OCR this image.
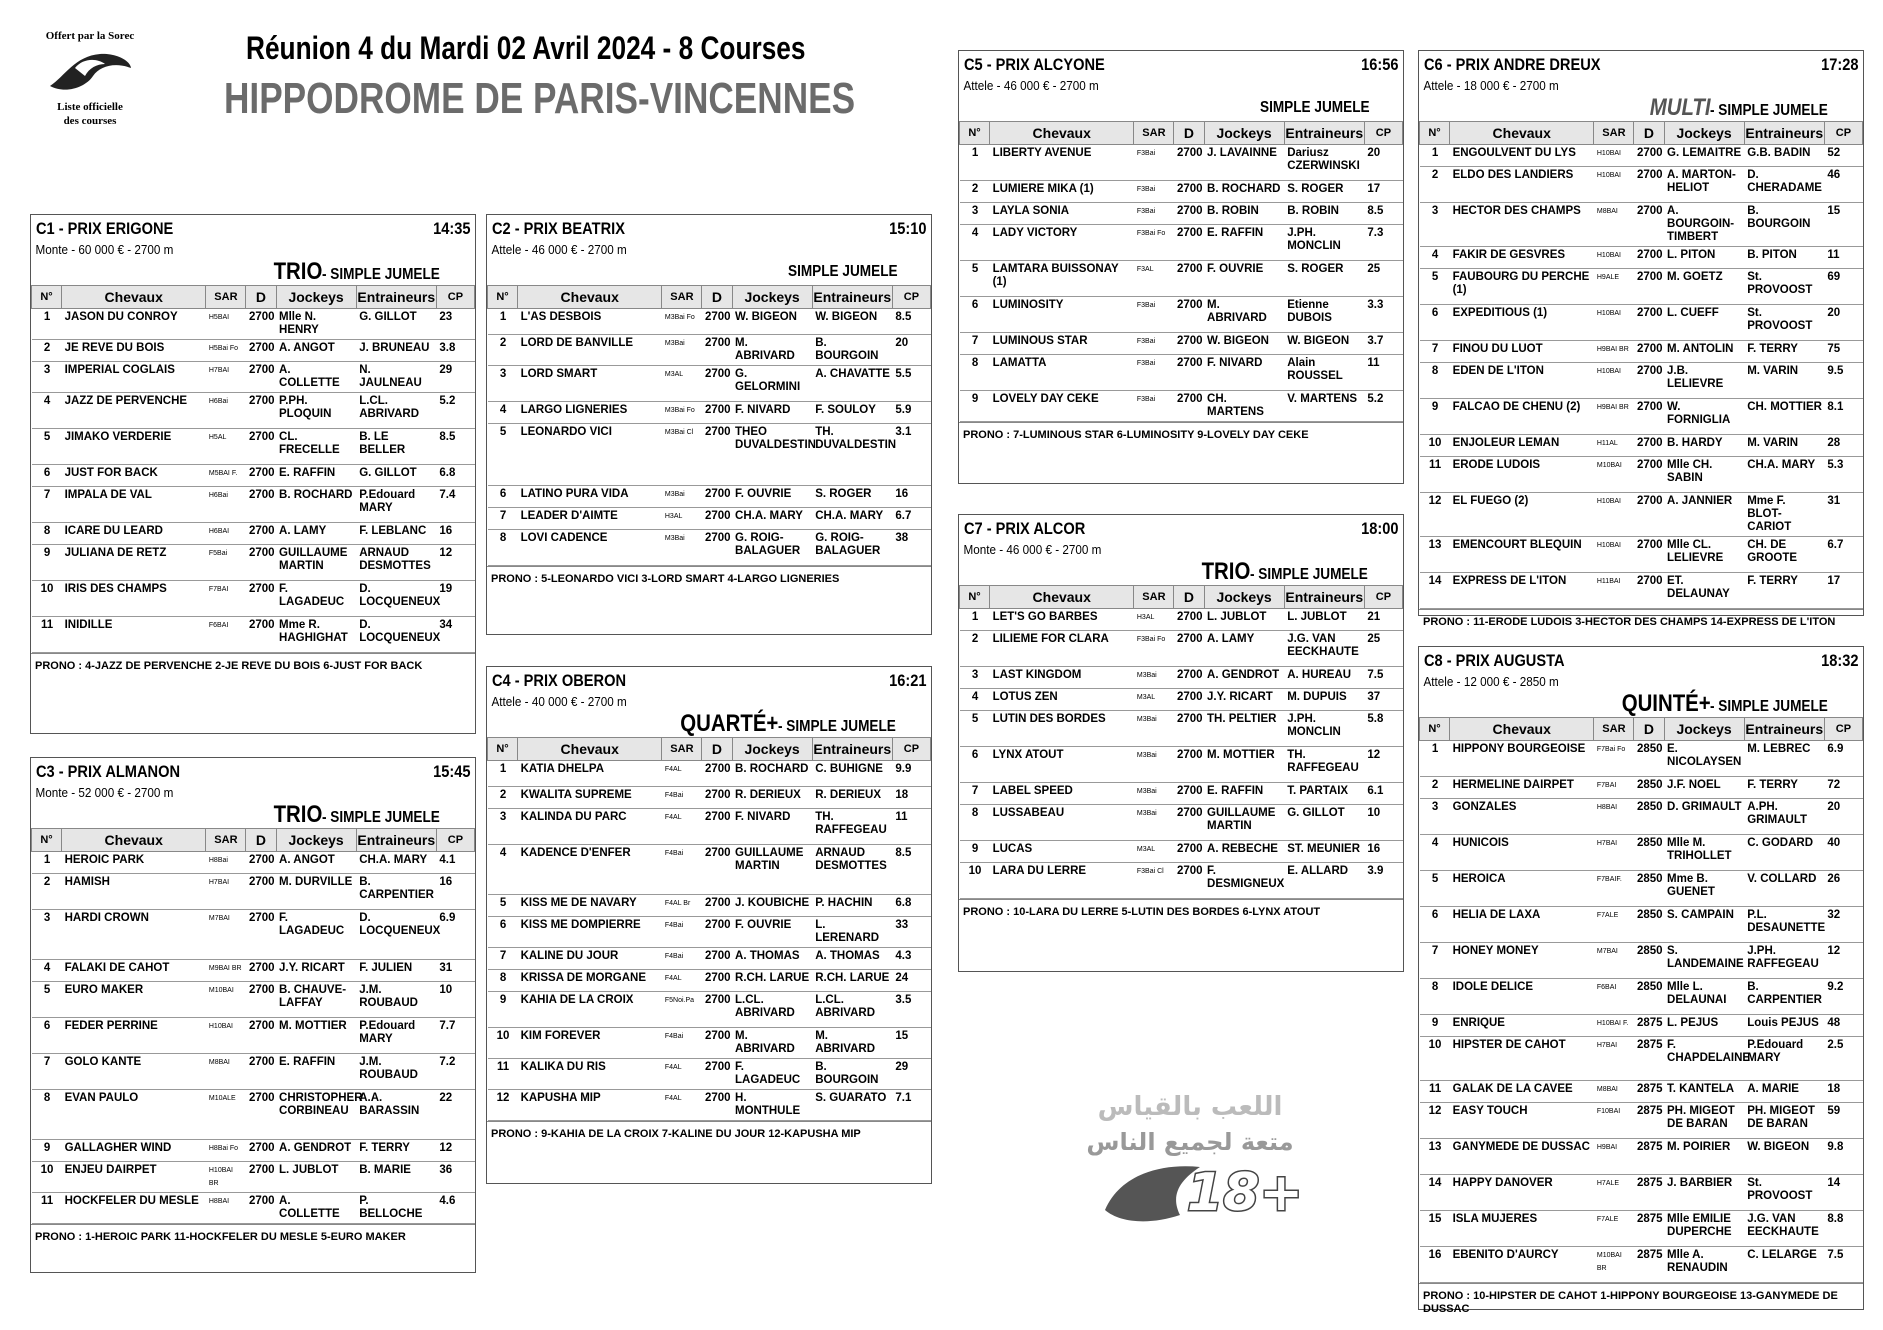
Offert par la Sorec
Liste officielle
des courses
Réunion 4 du Mardi 02 Avril 2024 - 8 Courses
HIPPODROME DE PARIS-VINCENNES
C1 - PRIX ERIGONE	14:35
Monte - 60 000 € - 2700 m
TRIO- SIMPLE JUMELE
N°	Chevaux	SAR	D	Jockeys	Entraineurs	CP
1	JASON DU CONROY	H5BAI	2700	Mlle N. HENRY	G. GILLOT	23
2	JE REVE DU BOIS	H5Bai Fo	2700	A. ANGOT	J. BRUNEAU	3.8
3	IMPERIAL COGLAIS	H7BAI	2700	A. COLLETTE	N. JAULNEAU	29
4	JAZZ DE PERVENCHE	H6Bai	2700	P.PH. PLOQUIN	L.CL. ABRIVARD	5.2
5	JIMAKO VERDERIE	H5AL	2700	CL. FRECELLE	B. LE BELLER	8.5
6	JUST FOR BACK	M5BAI F.	2700	E. RAFFIN	G. GILLOT	6.8
7	IMPALA DE VAL	H6Bai	2700	B. ROCHARD	P.Edouard MARY	7.4
8	ICARE DU LEARD	H6BAI	2700	A. LAMY	F. LEBLANC	16
9	JULIANA DE RETZ	F5Bai	2700	GUILLAUME MARTIN	ARNAUD DESMOTTES	12
10	IRIS DES CHAMPS	F7BAI	2700	F. LAGADEUC	D. LOCQUENEUX	19
11	INIDILLE	F6BAI	2700	Mme R. HAGHIGHAT	D. LOCQUENEUX	34
PRONO : 4-JAZZ DE PERVENCHE 2-JE REVE DU BOIS 6-JUST FOR BACK
C2 - PRIX BEATRIX	15:10
Attele - 46 000 € - 2700 m
SIMPLE JUMELE
N°	Chevaux	SAR	D	Jockeys	Entraineurs	CP
1	L'AS DESBOIS	M3Bai Fo	2700	W. BIGEON	W. BIGEON	8.5
2	LORD DE BANVILLE	M3Bai	2700	M. ABRIVARD	B. BOURGOIN	20
3	LORD SMART	M3AL	2700	G. GELORMINI	A. CHAVATTE	5.5
4	LARGO LIGNERIES	M3Bai Fo	2700	F. NIVARD	F. SOULOY	5.9
5	LEONARDO VICI	M3Bai Cl	2700	THEO DUVALDESTIN	TH. DUVALDESTIN	3.1
6	LATINO PURA VIDA	M3Bai	2700	F. OUVRIE	S. ROGER	16
7	LEADER D'AIMTE	H3AL	2700	CH.A. MARY	CH.A. MARY	6.7
8	LOVI CADENCE	M3Bai	2700	G. ROIG-BALAGUER	G. ROIG-BALAGUER	38
PRONO : 5-LEONARDO VICI 3-LORD SMART 4-LARGO LIGNERIES
C3 - PRIX ALMANON	15:45
Monte - 52 000 € - 2700 m
TRIO- SIMPLE JUMELE
N°	Chevaux	SAR	D	Jockeys	Entraineurs	CP
1	HEROIC PARK	H8Bai	2700	A. ANGOT	CH.A. MARY	4.1
2	HAMISH	H7BAI	2700	M. DURVILLE	B. CARPENTIER	16
3	HARDI CROWN	M7BAI	2700	F. LAGADEUC	D. LOCQUENEUX	6.9
4	FALAKI DE CAHOT	M9BAI BR	2700	J.Y. RICART	F. JULIEN	31
5	EURO MAKER	M10BAI	2700	B. CHAUVE-LAFFAY	J.M. ROUBAUD	10
6	FEDER PERRINE	H10BAI	2700	M. MOTTIER	P.Edouard MARY	7.7
7	GOLO KANTE	M8BAI	2700	E. RAFFIN	J.M. ROUBAUD	7.2
8	EVAN PAULO	M10ALE	2700	CHRISTOPHER CORBINEAU	A.A. BARASSIN	22
9	GALLAGHER WIND	H8Bai Fo	2700	A. GENDROT	F. TERRY	12
10	ENJEU DAIRPET	H10BAI BR	2700	L. JUBLOT	B. MARIE	36
11	HOCKFELER DU MESLE	H8BAI	2700	A. COLLETTE	P. BELLOCHE	4.6
PRONO : 1-HEROIC PARK 11-HOCKFELER DU MESLE 5-EURO MAKER
C4 - PRIX OBERON	16:21
Attele - 40 000 € - 2700 m
QUARTÉ+- SIMPLE JUMELE
N°	Chevaux	SAR	D	Jockeys	Entraineurs	CP
1	KATIA DHELPA	F4AL	2700	B. ROCHARD	C. BUHIGNE	9.9
2	KWALITA SUPREME	F4Bai	2700	R. DERIEUX	R. DERIEUX	18
3	KALINDA DU PARC	F4AL	2700	F. NIVARD	TH. RAFFEGEAU	11
4	KADENCE D'ENFER	F4Bai	2700	GUILLAUME MARTIN	ARNAUD DESMOTTES	8.5
5	KISS ME DE NAVARY	F4AL Br	2700	J. KOUBICHE	P. HACHIN	6.8
6	KISS ME DOMPIERRE	F4Bai	2700	F. OUVRIE	L. LERENARD	33
7	KALINE DU JOUR	F4Bai	2700	A. THOMAS	A. THOMAS	4.3
8	KRISSA DE MORGANE	F4AL	2700	R.CH. LARUE	R.CH. LARUE	24
9	KAHIA DE LA CROIX	F5Noi.Pa	2700	L.CL. ABRIVARD	L.CL. ABRIVARD	3.5
10	KIM FOREVER	F4Bai	2700	M. ABRIVARD	M. ABRIVARD	15
11	KALIKA DU RIS	F4AL	2700	F. LAGADEUC	B. BOURGOIN	29
12	KAPUSHA MIP	F4AL	2700	H. MONTHULE	S. GUARATO	7.1
PRONO : 9-KAHIA DE LA CROIX 7-KALINE DU JOUR 12-KAPUSHA MIP
C5 - PRIX ALCYONE	16:56
Attele - 46 000 € - 2700 m
SIMPLE JUMELE
N°	Chevaux	SAR	D	Jockeys	Entraineurs	CP
1	LIBERTY AVENUE	F3Bai	2700	J. LAVAINNE	Dariusz CZERWINSKI	20
2	LUMIERE MIKA (1)	F3Bai	2700	B. ROCHARD	S. ROGER	17
3	LAYLA SONIA	F3Bai	2700	B. ROBIN	B. ROBIN	8.5
4	LADY VICTORY	F3Bai Fo	2700	E. RAFFIN	J.PH. MONCLIN	7.3
5	LAMTARA BUISSONAY (1)	F3AL	2700	F. OUVRIE	S. ROGER	25
6	LUMINOSITY	F3Bai	2700	M. ABRIVARD	Etienne DUBOIS	3.3
7	LUMINOUS STAR	F3Bai	2700	W. BIGEON	W. BIGEON	3.7
8	LAMATTA	F3Bai	2700	F. NIVARD	Alain ROUSSEL	11
9	LOVELY DAY CEKE	F3Bai	2700	CH. MARTENS	V. MARTENS	5.2
PRONO : 7-LUMINOUS STAR 6-LUMINOSITY 9-LOVELY DAY CEKE
C7 - PRIX ALCOR	18:00
Monte - 46 000 € - 2700 m
TRIO- SIMPLE JUMELE
N°	Chevaux	SAR	D	Jockeys	Entraineurs	CP
1	LET'S GO BARBES	H3AL	2700	L. JUBLOT	L. JUBLOT	21
2	LILIEME FOR CLARA	F3Bai Fo	2700	A. LAMY	J.G. VAN EECKHAUTE	25
3	LAST KINGDOM	M3Bai	2700	A. GENDROT	A. HUREAU	7.5
4	LOTUS ZEN	M3AL	2700	J.Y. RICART	M. DUPUIS	37
5	LUTIN DES BORDES	M3Bai	2700	TH. PELTIER	J.PH. MONCLIN	5.8
6	LYNX ATOUT	M3Bai	2700	M. MOTTIER	TH. RAFFEGEAU	12
7	LABEL SPEED	M3Bai	2700	E. RAFFIN	T. PARTAIX	6.1
8	LUSSABEAU	M3Bai	2700	GUILLAUME MARTIN	G. GILLOT	10
9	LUCAS	M3AL	2700	A. REBECHE	ST. MEUNIER	16
10	LARA DU LERRE	F3Bai Cl	2700	F. DESMIGNEUX	E. ALLARD	3.9
PRONO : 10-LARA DU LERRE 5-LUTIN DES BORDES 6-LYNX ATOUT
C6 - PRIX ANDRE DREUX	17:28
Attele - 18 000 € - 2700 m
MULTI- SIMPLE JUMELE
N°	Chevaux	SAR	D	Jockeys	Entraineurs	CP
1	ENGOULVENT DU LYS	H10BAI	2700	G. LEMAITRE	G.B. BADIN	52
2	ELDO DES LANDIERS	H10BAI	2700	A. MARTON-HELIOT	D. CHERADAME	46
3	HECTOR DES CHAMPS	M8BAI	2700	A. BOURGOIN-TIMBERT	B. BOURGOIN	15
4	FAKIR DE GESVRES	H10BAI	2700	L. PITON	B. PITON	11
5	FAUBOURG DU PERCHE (1)	H9ALE	2700	M. GOETZ	St. PROVOOST	69
6	EXPEDITIOUS (1)	H10BAI	2700	L. CUEFF	St. PROVOOST	20
7	FINOU DU LUOT	H9BAI BR	2700	M. ANTOLIN	F. TERRY	75
8	EDEN DE L'ITON	H10BAI	2700	J.B. LELIEVRE	M. VARIN	9.5
9	FALCAO DE CHENU (2)	H9BAI BR	2700	W. FORNIGLIA	CH. MOTTIER	8.1
10	ENJOLEUR LEMAN	H11AL	2700	B. HARDY	M. VARIN	28
11	ERODE LUDOIS	M10BAI	2700	Mlle CH. SABIN	CH.A. MARY	5.3
12	EL FUEGO (2)	H10BAI	2700	A. JANNIER	Mme F. BLOT-CARIOT	31
13	EMENCOURT BLEQUIN	H10BAI	2700	Mlle CL. LELIEVRE	CH. DE GROOTE	6.7
14	EXPRESS DE L'ITON	H11BAI	2700	ET. DELAUNAY	F. TERRY	17
PRONO : 11-ERODE LUDOIS 3-HECTOR DES CHAMPS 14-EXPRESS DE L'ITON
C8 - PRIX AUGUSTA	18:32
Attele - 12 000 € - 2850 m
QUINTÉ+- SIMPLE JUMELE
N°	Chevaux	SAR	D	Jockeys	Entraineurs	CP
1	HIPPONY BOURGEOISE	F7Bai Fo	2850	E. NICOLAYSEN	M. LEBREC	6.9
2	HERMELINE DAIRPET	F7BAI	2850	J.F. NOEL	F. TERRY	72
3	GONZALES	H8BAI	2850	D. GRIMAULT	A.PH. GRIMAULT	20
4	HUNICOIS	H7BAI	2850	Mlle M. TRIHOLLET	C. GODARD	40
5	HEROICA	F7BAIF.	2850	Mme B. GUENET	V. COLLARD	26
6	HELIA DE LAXA	F7ALE	2850	S. CAMPAIN	P.L. DESAUNETTE	32
7	HONEY MONEY	M7BAI	2850	S. LANDEMAINE	J.PH. RAFFEGEAU	12
8	IDOLE DELICE	F6BAI	2850	Mlle L. DELAUNAI	B. CARPENTIER	9.2
9	ENRIQUE	H10BAI F.	2875	L. PEJUS	Louis PEJUS	48
10	HIPSTER DE CAHOT	H7BAI	2875	F. CHAPDELAINE	P.Edouard MARY	2.5
11	GALAK DE LA CAVEE	M8BAI	2875	T. KANTELA	A. MARIE	18
12	EASY TOUCH	F10BAI	2875	PH. MIGEOT DE BARAN	PH. MIGEOT DE BARAN	59
13	GANYMEDE DE DUSSAC	H9BAI	2875	M. POIRIER	W. BIGEON	9.8
14	HAPPY DANOVER	H7ALE	2875	J. BARBIER	St. PROVOOST	14
15	ISLA MUJERES	F7ALE	2875	Mlle EMILIE DUPERCHE	J.G. VAN EECKHAUTE	8.8
16	EBENITO D'AURCY	M10BAI BR	2875	Mlle A. RENAUDIN	C. LELARGE	7.5
PRONO : 10-HIPSTER DE CAHOT 1-HIPPONY BOURGEOISE 13-GANYMEDE DE DUSSAC
اللعب بالقياس
متعة لجميع الناس
18+
